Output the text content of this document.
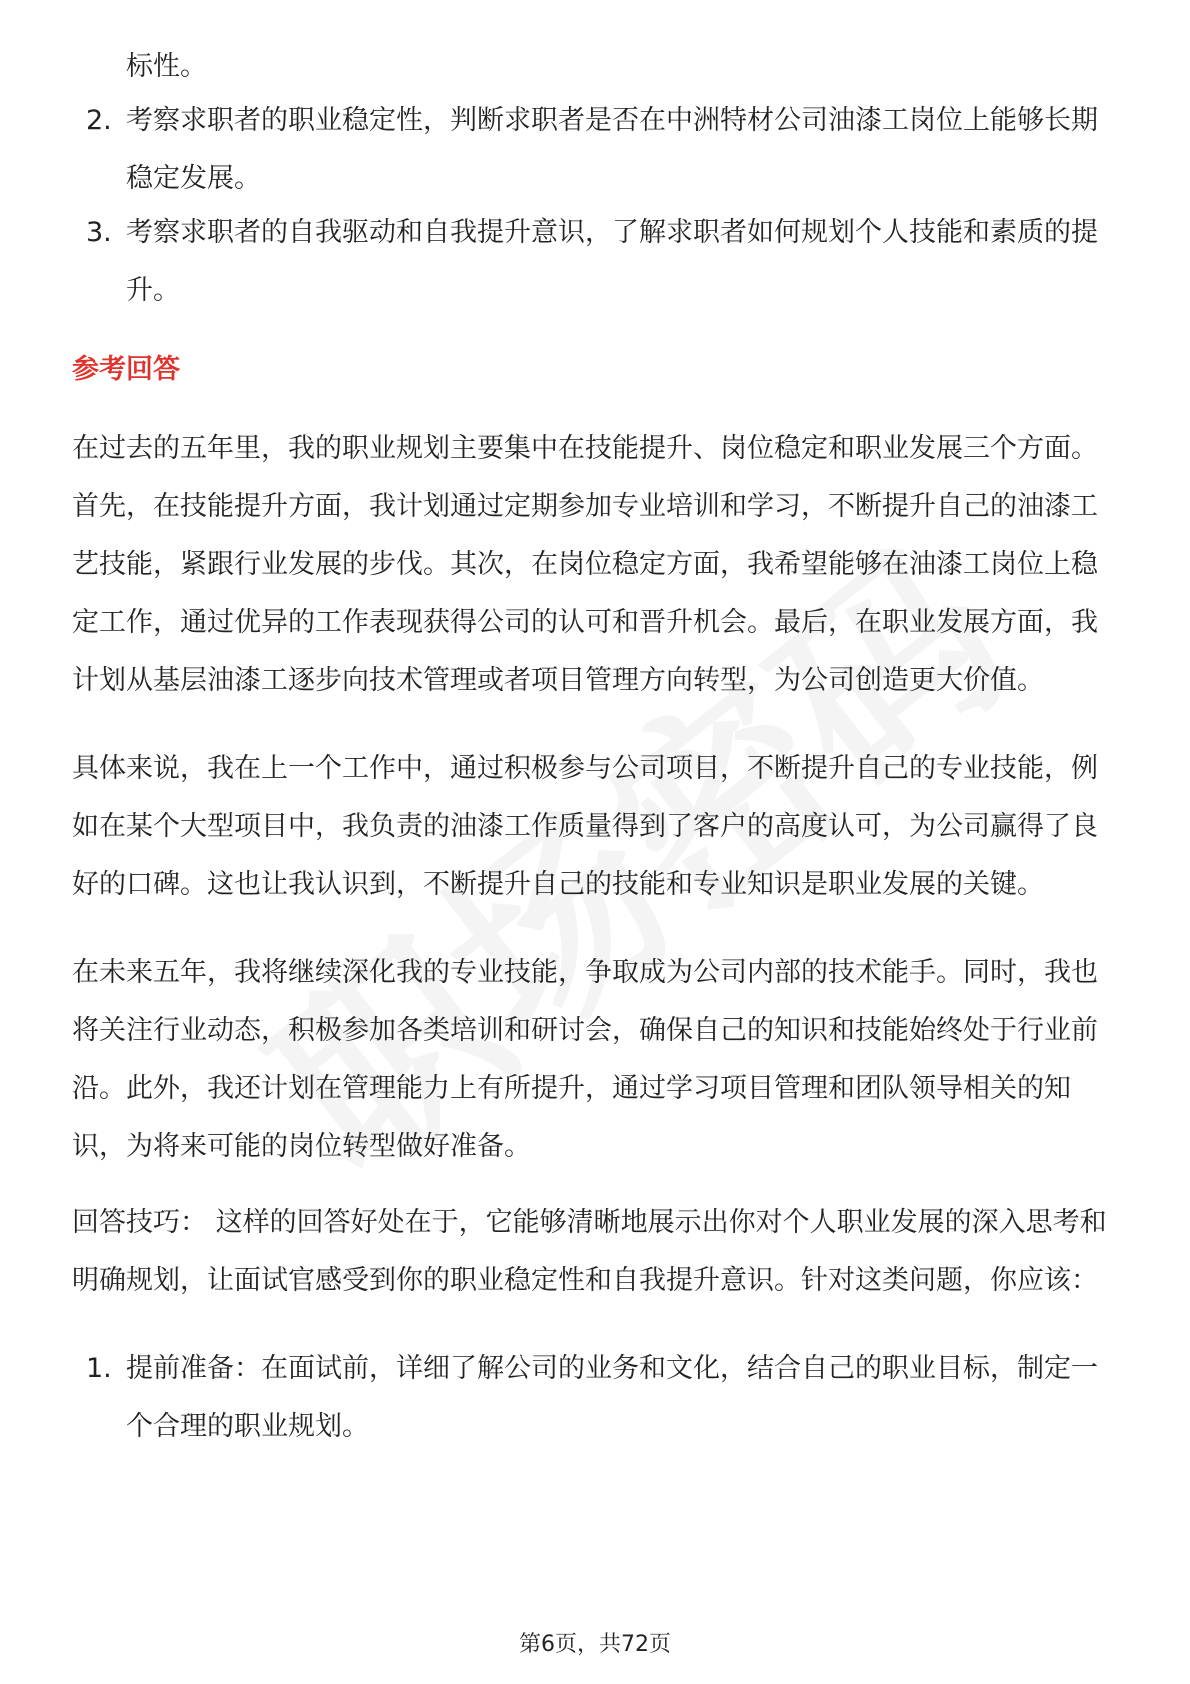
标性。
2. 考察求职者的职业稳定性，判断求职者是否在中洲特材公司油漆工岗位上能够长期稳定发展。
3. 考察求职者的自我驱动和自我提升意识，了解求职者如何规划个人技能和素质的提升。
参考回答

在过去的五年里，我的职业规划主要集中在技能提升、岗位稳定和职业发展三个方面。首先，在技能提升方面，我计划通过定期参加专业培训和学习，不断提升自己的油漆工艺技能，紧跟行业发展的步伐。其次，在岗位稳定方面，我希望能够在油漆工岗位上稳定工作，通过优异的工作表现获得公司的认可和晋升机会。最后，在职业发展方面，我计划从基层油漆工逐步向技术管理或者项目管理方向转型，为公司创造更大价值。

具体来说，我在上一个工作中，通过积极参与公司项目，不断提升自己的专业技能，例如在某个大型项目中，我负责的油漆工作质量得到了客户的高度认可，为公司赢得了良好的口碑。这也让我认识到，不断提升自己的技能和专业知识是职业发展的关键。

在未来五年，我将继续深化我的专业技能，争取成为公司内部的技术能手。同时，我也将关注行业动态，积极参加各类培训和研讨会，确保自己的知识和技能始终处于行业前沿。此外，我还计划在管理能力上有所提升，通过学习项目管理和团队领导相关的知识，为将来可能的岗位转型做好准备。

回答技巧： 这样的回答好处在于，它能够清晰地展示出你对个人职业发展的深入思考和明确规划，让面试官感受到你的职业稳定性和自我提升意识。针对这类问题，你应该：

1. 提前准备：在面试前，详细了解公司的业务和文化，结合自己的职业目标，制定一个合理的职业规划。
第6页，共72页
